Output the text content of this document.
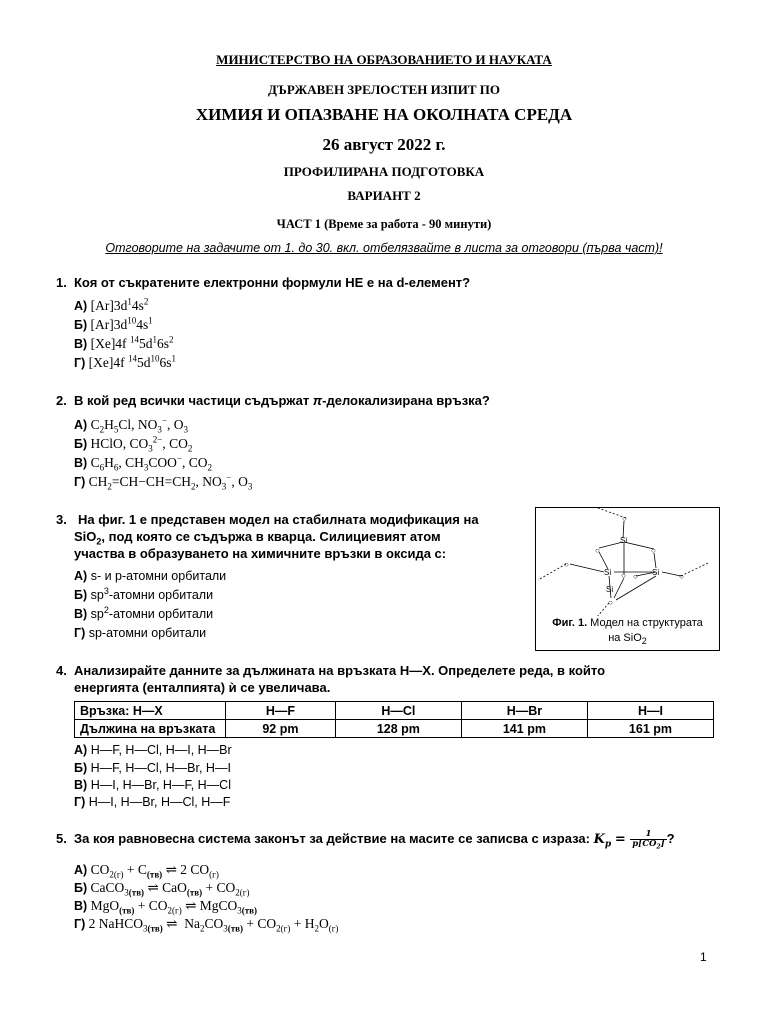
МИНИСТЕРСТВО НА ОБРАЗОВАНИЕТО И НАУКАТА
ДЪРЖАВЕН ЗРЕЛОСТЕН ИЗПИТ ПО
ХИМИЯ И ОПАЗВАНЕ НА ОКОЛНАТА СРЕДА
26 август 2022 г.
ПРОФИЛИРАНА ПОДГОТОВКА
ВАРИАНТ 2
ЧАСТ 1 (Време за работа - 90 минути)
Отговорите на задачите от 1. до 30. вкл. отбелязвайте в листа за отговори (първа част)!
1. Коя от съкратените електронни формули НЕ е на d-елемент?
А) $[Ar]3d^14s^2$
Б) $[Ar]3d^{10}4s^1$
В) [Xe]4f $^{14}5d^16s^2$
Г) [Xe]4f $^{14}5d^{10}6s^1$
2. В кой ред всички частици съдържат π-делокализирана връзка?
А) $C_2H_5Cl$, $NO_3^-$, $O_3$
Б) HClO, $CO_3^{2-}$, $CO_2$
В) $C_6H_6$, $CH_3COO^-$, $CO_2$
Г) $CH_2=CH-CH=CH_2$, $NO_3^-$, $O_3$
3. На фиг. 1 е представен модел на стабилната модификация на
SiO$_2$, под която се съдържа в кварца. Силициевият атом
участва в образуването на химичните връзки в оксида с:
А) s- и p-атомни орбитали
Б) $sp^3$-атомни орбитали
В) $sp^2$-атомни орбитали
Г) sp-атомни орбитали
○
Si
○	○
○
Si ○	Si
○	○
Si
○
Фиг. 1. Модел на структурата
на SiO$_2$
4. Анализирайте данните за дължината на връзката H—X. Определете реда, в който
енергията (енталпията) ѝ се увеличава.
Връзка: H—X	H—F	H—Cl	H—Br	H—I
Дължина на връзката	92 pm	128 pm	141 pm	161 pm
А) H—F, H—Cl, H—I, H—Br
Б) H—F, H—Cl, H—Br, H—I
В) H—I, H—Br, H—F, H—Cl
Г) H—I, H—Br, H—Cl, H—F
5. За коя равновесна система законът за действие на масите се записва с израза: $K_p = \frac{1}{p[CO_2]}$ ?
А) $CO_{2(г)} + C_{(тв)}$ ⇌ 2 $CO_{(г)}$
Б) CaCO$_{3(тв)}$ ⇌ $CaO_{(тв)} + CO_{2(г)}$
В) $MgO_{(тв)} + CO_{2(г)}$ ⇌ MgCO$_{3(тв)}$
Г) 2 NaHCO$_{3(тв)}$ ⇌  $Na_2CO_{3(тв)} + CO_{2(г)} + H_2O_{(г)}$
1
